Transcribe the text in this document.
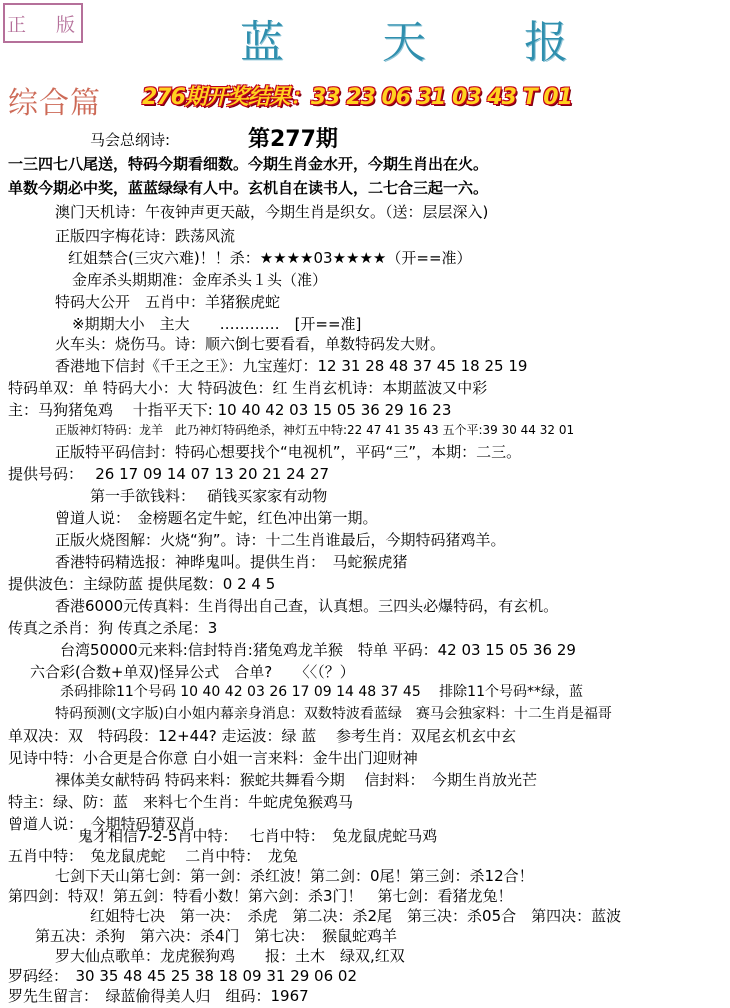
正 版	蓝 天 报
综合篇 276期开奖结果：33 23 06 31 03 43 T 01
第277期
马会总纲诗:
一三四七八尾送，特码今期看细数。今期生肖金水开，今期生肖出在火。
单数今期必中奖，蓝蓝绿绿有人中。玄机自在读书人，二七合三起一六。
澳门天机诗：午夜钟声更天敲，今期生肖是织女。（送：层层深入)
正版四字梅花诗：跌荡风流
红姐禁合(三灾六难)！！杀：★★★★03★★★★（开==准）
金库杀头期期准：金库杀头１头（准）
特码大公开　五肖中：羊猪猴虎蛇
※期期大小　主大　　…………　[开==准]
火车头：烧伤马。诗：顺六倒七要看看，单数特码发大财。
香港地下信封《千王之王》：九宝莲灯：12 31 28 48 37 45 18 25 19
特码单双：单 特码大小：大 特码波色：红 生肖玄机诗：本期蓝波又中彩
主：马狗猪兔鸡　 十指平天下: 10 40 42 03 15 05 36 29 16 23
正版神灯特码：龙羊　此乃神灯特码绝杀，神灯五中特:22 47 41 35 43 五个平:39 30 44 32 01
正版特平码信封：特码心想要找个“电视机”，平码“三”，本期：二三。
提供号码：　 26 17 09 14 07 13 20 21 24 27
第一手欲钱料：　 硝钱买家家有动物
曾道人说：　金榜题名定牛蛇，红色冲出第一期。
正版火烧图解：火烧“狗”。诗：十二生肖谁最后，今期特码猪鸡羊。
香港特码精选报：神晔鬼叫。提供生肖：　马蛇猴虎猪
提供波色：主绿防蓝 提供尾数：0 2 4 5
香港6000元传真料：生肖得出自己查，认真想。三四头必爆特码，有玄机。
传真之杀肖：狗 传真之杀尾：3
台湾50000元来料:信封特肖:猪兔鸡龙羊猴　特单 平码：42 03 15 05 36 29
六合彩(合数+单双)怪异公式　合单?　　〈〈（？）
杀码排除11个号码 10 40 42 03 26 17 09 14 48 37 45　 排除11个号码**绿，蓝
特码预测(文字版)白小姐内幕亲身消息：双数特波看蓝绿　赛马会独家料：十二生肖是福哥
单双决：双　特码段：12+44? 走运波：绿 蓝　 参考生肖：双尾玄机玄中玄
见诗中特：小合更是合你意 白小姐一言来料：金牛出门迎财神
裸体美女献特码 特码来料：猴蛇共舞看今期　 信封料：　今期生肖放光芒
特主：绿、防：蓝　来料七个生肖：牛蛇虎兔猴鸡马
曾道人说：　今期特码猜双肖
鬼才相信7-2-5肖中特：　 七肖中特：　兔龙鼠虎蛇马鸡
五肖中特：　兔龙鼠虎蛇　 二肖中特：　龙兔
七剑下天山第七剑：第一剑：杀红波！第二剑：0尾！第三剑：杀12合！
第四剑：特双！第五剑：特看小数！第六剑：杀3门！　第七剑：看猪龙兔！
红姐特七决　第一决：　杀虎　第二决：杀2尾　第三决：杀05合　第四决：蓝波
第五决：杀狗　第六决：杀4门　第七决：　猴鼠蛇鸡羊
罗大仙点歌单：龙虎猴狗鸡　　报：土木　绿双,红双
罗码经：　30 35 48 45 25 38 18 09 31 29 06 02
罗先生留言：　绿蓝偷得美人归　组码：1967
